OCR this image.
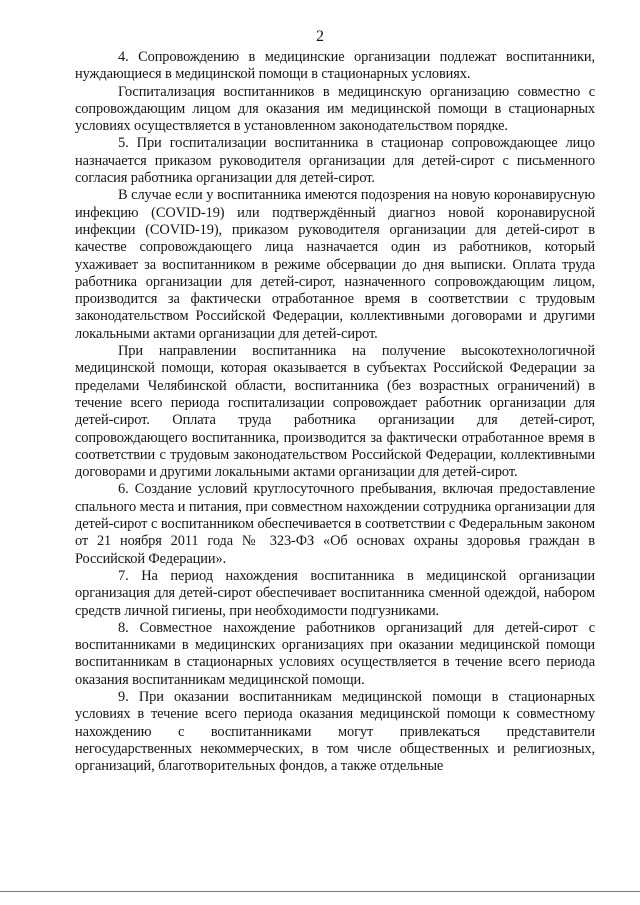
2

4. Сопровождению в медицинские организации подлежат воспитанники, нуждающиеся в медицинской помощи в стационарных условиях.

Госпитализация воспитанников в медицинскую организацию совместно с сопровождающим лицом для оказания им медицинской помощи в стационарных условиях осуществляется в установленном законодательством порядке.

5. При госпитализации воспитанника в стационар сопровождающее лицо назначается приказом руководителя организации для детей-сирот с письменного согласия работника организации для детей-сирот.

В случае если у воспитанника имеются подозрения на новую коронавирусную инфекцию (COVID-19) или подтверждённый диагноз новой коронавирусной инфекции (COVID-19), приказом руководителя организации для детей-сирот в качестве сопровождающего лица назначается один из работников, который ухаживает за воспитанником в режиме обсервации до дня выписки. Оплата труда работника организации для детей-сирот, назначенного сопровождающим лицом, производится за фактически отработанное время в соответствии с трудовым законодательством Российской Федерации, коллективными договорами и другими локальными актами организации для детей-сирот.

При направлении воспитанника на получение высокотехнологичной медицинской помощи, которая оказывается в субъектах Российской Федерации за пределами Челябинской области, воспитанника (без возрастных ограничений) в течение всего периода госпитализации сопровождает работник организации для детей-сирот. Оплата труда работника организации для детей-сирот, сопровождающего воспитанника, производится за фактически отработанное время в соответствии с трудовым законодательством Российской Федерации, коллективными договорами и другими локальными актами организации для детей-сирот.

6. Создание условий круглосуточного пребывания, включая предоставление спального места и питания, при совместном нахождении сотрудника организации для детей-сирот с воспитанником обеспечивается в соответствии с Федеральным законом от 21 ноября 2011 года № 323-ФЗ «Об основах охраны здоровья граждан в Российской Федерации».

7. На период нахождения воспитанника в медицинской организации организация для детей-сирот обеспечивает воспитанника сменной одеждой, набором средств личной гигиены, при необходимости подгузниками.

8. Совместное нахождение работников организаций для детей-сирот с воспитанниками в медицинских организациях при оказании медицинской помощи воспитанникам в стационарных условиях осуществляется в течение всего периода оказания воспитанникам медицинской помощи.

9. При оказании воспитанникам медицинской помощи в стационарных условиях в течение всего периода оказания медицинской помощи к совместному нахождению с воспитанниками могут привлекаться представители негосударственных некоммерческих, в том числе общественных и религиозных, организаций, благотворительных фондов, а также отдельные
